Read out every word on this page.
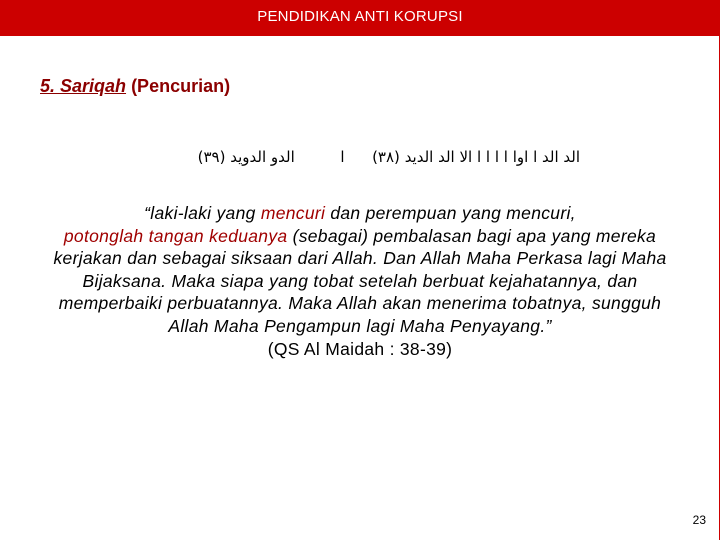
PENDIDIKAN ANTI KORUPSI
5. Sariqah (Pencurian)
الد الد ا اوا ا ا ا ا الا الد الديد (٣٨)  ا  الدو الدويد (٣٩)
“laki-laki yang mencuri dan perempuan yang mencuri,
potonglah tangan keduanya (sebagai) pembalasan bagi apa yang mereka kerjakan dan sebagai siksaan dari Allah. Dan Allah Maha Perkasa lagi Maha Bijaksana. Maka siapa yang tobat setelah berbuat kejahatannya, dan memperbaiki perbuatannya. Maka Allah akan menerima tobatnya, sungguh Allah Maha Pengampun lagi Maha Penyayang.”
(QS Al Maidah : 38-39)
23
